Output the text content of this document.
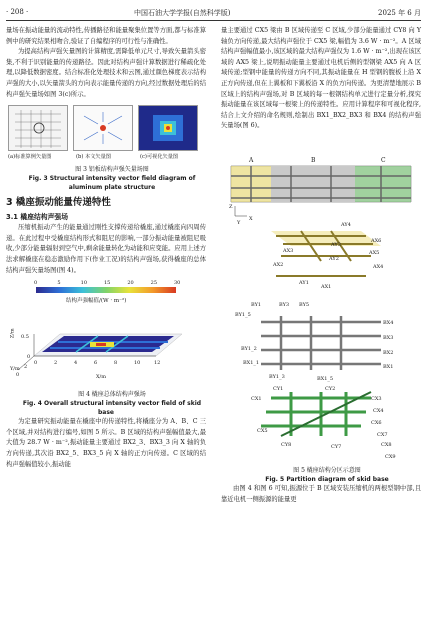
· 208 ·	中国石油大学学报(自然科学版)	2025 年 6 月

量场在振动能量的流动特性,传播路径和能量聚集位置等方面,都与标准算例中的研究结果相吻合,验证了自编程序的可行性与准确性。

为提高结构声强矢量图的计算精度,需降低单元尺寸,导致矢量箭头密集,不利于识别能量的传递路径。因此对结构声强计算数据进行稀疏化处理,以降低数据密度。结合标准化处理技术和云图,通过颜色梯度表示结构声强的大小,以矢量箭头的方向表示能量传递的方向,经过数据处理后的结构声强矢量场如图 3(c)所示。

(a)标准算例矢量图	(b) 本文矢量图	(c)可视化矢量图

图 3 铝板结构声强矢量场图

Fig. 3 Structural intensity vector field diagram of

aluminum plate structure

3 橇座振动能量传递特性
3.1 橇座结构声强场

压缩机振动产生的能量通过刚性支撑传递给橇座,通过橇座向四周传递。在此过程中受橇座结构形式和阻尼的影响,一部分振动能量被阻尼吸收,少部分能量辐射到空气中,剩余能量转化为动能和应变能。应用上述方法求解橇座在稳态激励作用下(作业工况)的结构声强场,获得橇座的总体结构声强矢量场图(图 4)。

0	5	10	15	20	25	30
结构声强幅值/(W · m⁻²)
Z/m	0.5
0
0
2
Y/m
0	2	4	6	8	10	12
X/m

图 4 橇座总体结构声强场

Fig. 4 Overall structural intensity vector field of skid base

为定量研究振动能量在橇座中的传递特性,将橇座分为 A、B、C 三个区域,并对结构进行编号,如图 5 所示。B 区域的结构声强幅值最大,最大值为 28.7 W · m⁻²,振动能量主要通过 BX2_3、BX3_3 向 X 轴的负方向传递,其次沿 BX2_5、BX3_5 向 X 轴的正方向传递。C 区域的结构声强幅值较小,振动能

量主要通过 CX5 梁由 B 区域传递至 C 区域,少部分能量通过 CY8 向 Y 轴负方向传递,最大结构声强位于 CX5 梁,幅值为 3.6 W · m⁻²。A 区域结构声强幅值最小,该区域的最大结构声强仅为 1.6 W · m⁻²,出现在该区域的 AX5 梁上,说明振动能量主要通过电机后侧的型钢梁 AX5 向 A 区域传递;型钢中能量的传递方向不同,其振动能量在 H 型钢的腹板上沿 X 正方向传递,但在上翼板和下翼板沿 X 的负方向传递。为更清楚地展示 B 区域上的结构声强场,对 B 区域的每一根钢结构单元进行定量分析,探究振动能量在该区域每一根梁上的传递特性。应用计算程序和可视化程序,结合上文介绍的命名规则,绘制出 BX1_BX2_BX3 和 BX4 的结构声强矢量场(图 6)。

A	B	C
Z
X
Y	AY4
AX6
AY3
AX3	AX5
AY2
AX4
AX2
AY1
AX1
BY1	BY3 BY5
BY1_5
BX4
BX3
BY1_2
BX2
BX1_1
BX1
BY1_3	BX1_5
CY1	CY2
CX1	CX3
CX4
CX5
CX6
CX7
CX8
CY8	CY7
CX9

图 5 橇座结构分区示意图

Fig. 5 Partition diagram of skid base

由图 4 和图 6 可知,振源位于 B 区域安装压缩机的两根型钢中部,且靠近电机一侧振源的能量更
